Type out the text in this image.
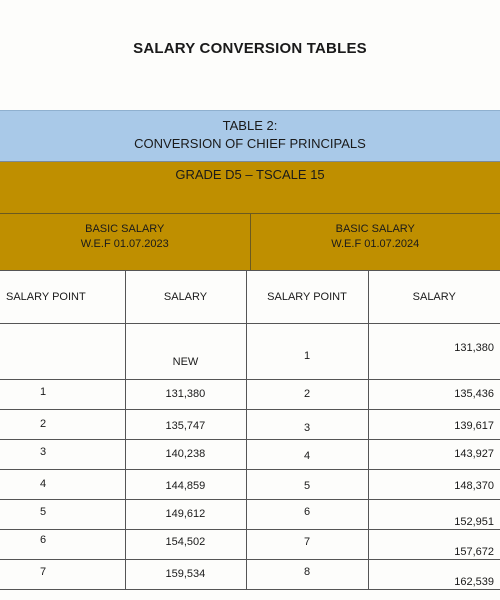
SALARY CONVERSION TABLES
TABLE 2:
CONVERSION OF CHIEF PRINCIPALS
GRADE D5 – TSCALE 15
BASIC SALARY
W.E.F 01.07.2023
BASIC SALARY
W.E.F 01.07.2024
SALARY POINT	SALARY	SALARY POINT	SALARY

	NEW	1	131,380

1	131,380	2	135,436

2	135,747	3	139,617

3	140,238	4	143,927

4	144,859	5	148,370

5	149,612	6	152,951

6	154,502	7	157,672

7	159,534	8	162,539
